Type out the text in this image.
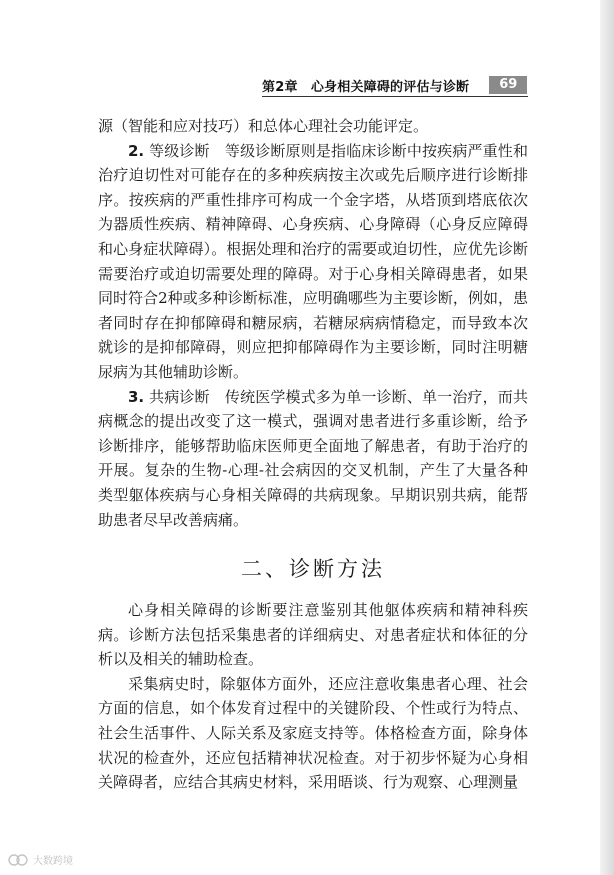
第2章　心身相关障碍的评估与诊断	69

源（智能和应对技巧）和总体心理社会功能评定。

2. 等级诊断　 等级诊断原则是指临床诊断中按疾病严重性和治疗迫切性对可能存在的多种疾病按主次或先后顺序进行诊断排序。按疾病的严重性排序可构成一个金字塔，从塔顶到塔底依次为器质性疾病、精神障碍、心身疾病、心身障碍（心身反应障碍和心身症状障碍）。根据处理和治疗的需要或迫切性，应优先诊断需要治疗或迫切需要处理的障碍。对于心身相关障碍患者，如果同时符合2种或多种诊断标准，应明确哪些为主要诊断，例如，患者同时存在抑郁障碍和糖尿病，若糖尿病病情稳定，而导致本次就诊的是抑郁障碍，则应把抑郁障碍作为主要诊断，同时注明糖尿病为其他辅助诊断。

3. 共病诊断　 传统医学模式多为单一诊断、单一治疗，而共病概念的提出改变了这一模式，强调对患者进行多重诊断，给予诊断排序，能够帮助临床医师更全面地了解患者，有助于治疗的开展。复杂的生物-心理-社会病因的交叉机制，产生了大量各种类型躯体疾病与心身相关障碍的共病现象。早期识别共病，能帮助患者尽早改善病痛。

二、诊断方法

心身相关障碍的诊断要注意鉴别其他躯体疾病和精神科疾病。诊断方法包括采集患者的详细病史、对患者症状和体征的分析以及相关的辅助检查。

采集病史时，除躯体方面外，还应注意收集患者心理、社会方面的信息，如个体发育过程中的关键阶段、个性或行为特点、社会生活事件、人际关系及家庭支持等。体格检查方面，除身体状况的检查外，还应包括精神状况检查。对于初步怀疑为心身相关障碍者，应结合其病史材料，采用晤谈、行为观察、心理测量

大数跨境
